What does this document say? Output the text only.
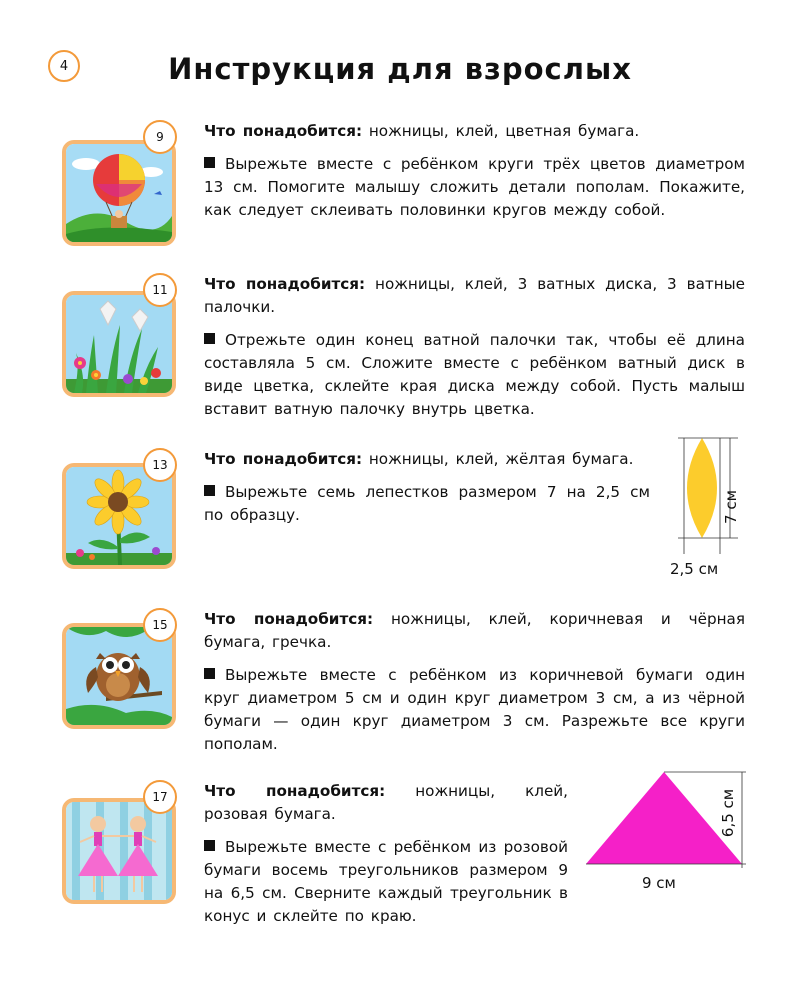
4	Инструкция для взрослых
9	Что понадобится: ножницы, клей, цветная бумага.

Вырежьте вместе с ребёнком круги трёх цветов диаметром 13 см. Помогите малышу сложить детали пополам. Покажите, как следует склеивать половинки кругов между собой.

11	Что понадобится: ножницы, клей, 3 ватных диска, 3 ватные палочки.

Отрежьте один конец ватной палочки так, чтобы её длина составляла 5 см. Сложите вместе с ребёнком ватный диск в виде цветка, склейте края диска между собой. Пусть малыш вставит ватную палочку внутрь цветка.

13	Что понадобится: ножницы, клей, жёлтая бумага.

Вырежьте семь лепестков размером 7 на 2,5 см по образцу.	7 см
2,5 см
15	Что понадобится: ножницы, клей, коричневая и чёрная бумага, гречка.

Вырежьте вместе с ребёнком из коричневой бумаги один круг диаметром 5 см и один круг диаметром 3 см, а из чёрной бумаги — один круг диаметром 3 см. Разрежьте все круги пополам.

17	Что понадобится: ножницы, клей, розовая бумага.

Вырежьте вместе с ребёнком из розовой бумаги восемь треугольников размером 9 на 6,5 см. Сверните каждый треугольник в конус и склейте по краю.

6,5 см
9 см
